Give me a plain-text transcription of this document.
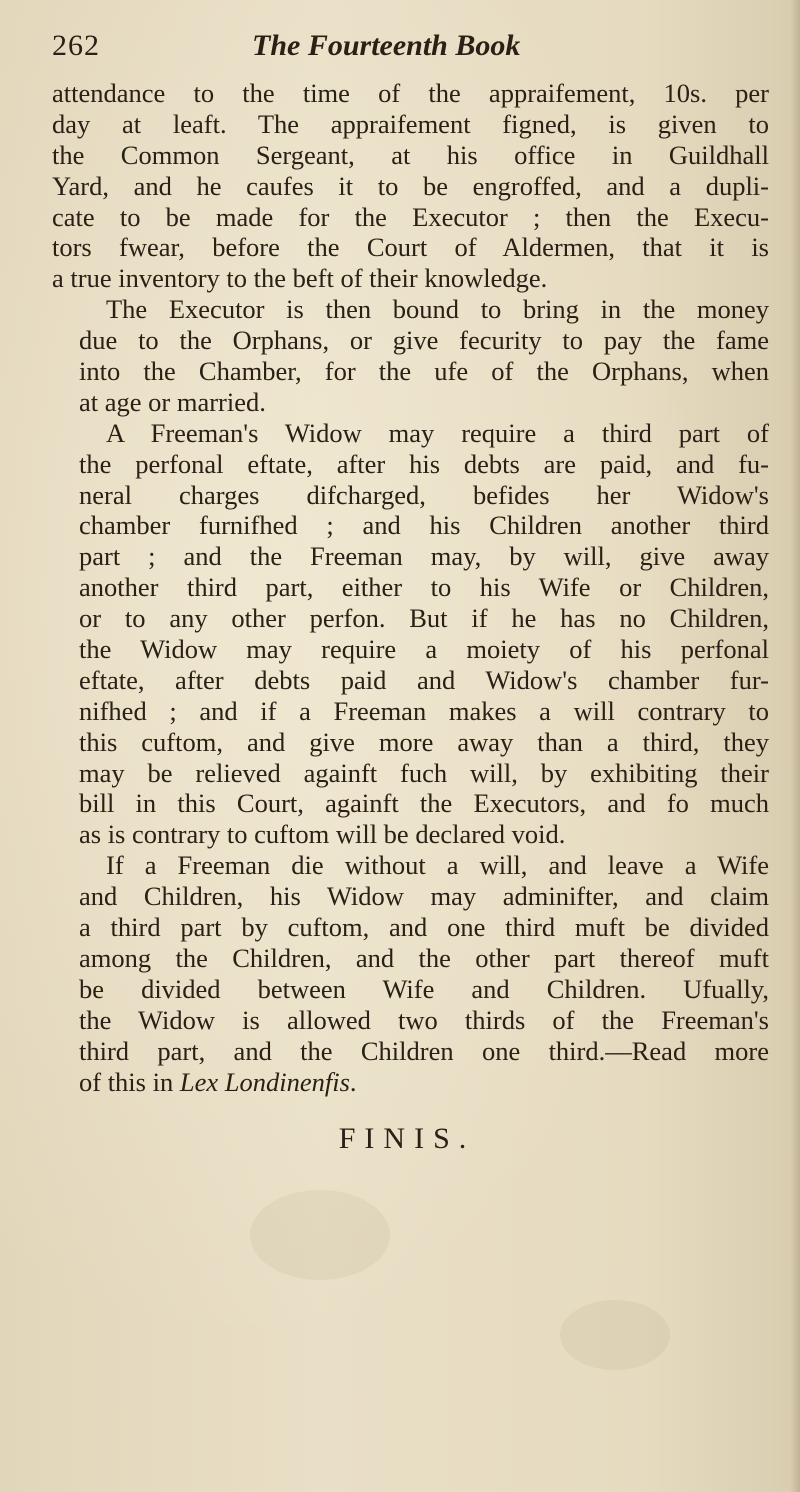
262	The Fourteenth Book
attendance to the time of the appraifement, 10s. per
day at leaft. The appraifement figned, is given to
the Common Sergeant, at his office in Guildhall
Yard, and he caufes it to be engroffed, and a dupli-
cate to be made for the Executor ; then the Execu-
tors fwear, before the Court of Aldermen, that it is
a true inventory to the beft of their knowledge.
The Executor is then bound to bring in the money
due to the Orphans, or give fecurity to pay the fame
into the Chamber, for the ufe of the Orphans, when
at age or married.
A Freeman's Widow may require a third part of
the perfonal eftate, after his debts are paid, and fu-
neral charges difcharged, befides her Widow's
chamber furnifhed ; and his Children another third
part ; and the Freeman may, by will, give away
another third part, either to his Wife or Children,
or to any other perfon. But if he has no Children,
the Widow may require a moiety of his perfonal
eftate, after debts paid and Widow's chamber fur-
nifhed ; and if a Freeman makes a will contrary to
this cuftom, and give more away than a third, they
may be relieved againft fuch will, by exhibiting their
bill in this Court, againft the Executors, and fo much
as is contrary to cuftom will be declared void.
If a Freeman die without a will, and leave a Wife
and Children, his Widow may adminifter, and claim
a third part by cuftom, and one third muft be divided
among the Children, and the other part thereof muft
be divided between Wife and Children. Ufually,
the Widow is allowed two thirds of the Freeman's
third part, and the Children one third.—Read more
of this in Lex Londinenfis.
FINIS.
